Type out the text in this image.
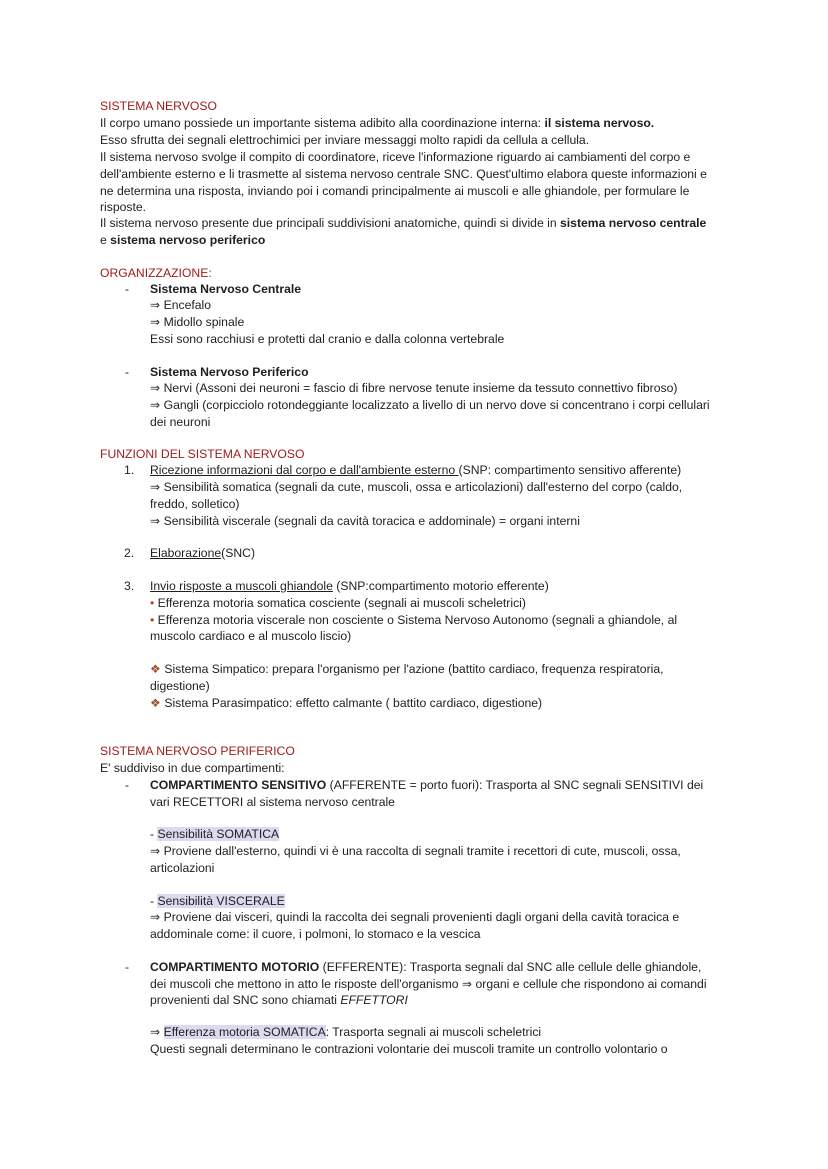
SISTEMA NERVOSO
Il corpo umano possiede un importante sistema adibito alla coordinazione interna: il sistema nervoso.
Esso sfrutta dei segnali elettrochimici per inviare messaggi molto rapidi da cellula a cellula.
Il sistema nervoso svolge il compito di coordinatore, riceve l'informazione riguardo ai cambiamenti del corpo e
dell'ambiente esterno e li trasmette al sistema nervoso centrale SNC. Quest'ultimo elabora queste informazioni e
ne determina una risposta, inviando poi i comandi principalmente ai muscoli e alle ghiandole, per formulare le
risposte.
Il sistema nervoso presente due principali suddivisioni anatomiche, quindi si divide in sistema nervoso centrale
e sistema nervoso periferico
ORGANIZZAZIONE:
- Sistema Nervoso Centrale
⇒ Encefalo
⇒ Midollo spinale
Essi sono racchiusi e protetti dal cranio e dalla colonna vertebrale
- Sistema Nervoso Periferico
⇒ Nervi (Assoni dei neuroni = fascio di fibre nervose tenute insieme da tessuto connettivo fibroso)
⇒ Gangli (corpicciolo rotondeggiante localizzato a livello di un nervo dove si concentrano i corpi cellulari
dei neuroni
FUNZIONI DEL SISTEMA NERVOSO
1. Ricezione informazioni dal corpo e dall'ambiente esterno (SNP: compartimento sensitivo afferente)
⇒ Sensibilità somatica (segnali da cute, muscoli, ossa e articolazioni) dall'esterno del corpo (caldo,
freddo, solletico)
⇒ Sensibilità viscerale (segnali da cavità toracica e addominale) = organi interni
2. Elaborazione(SNC)
3. Invio risposte a muscoli ghiandole (SNP:compartimento motorio efferente)
• Efferenza motoria somatica cosciente (segnali ai muscoli scheletrici)
• Efferenza motoria viscerale non cosciente o Sistema Nervoso Autonomo (segnali a ghiandole, al
muscolo cardiaco e al muscolo liscio)
❖ Sistema Simpatico: prepara l'organismo per l'azione (battito cardiaco, frequenza respiratoria,
digestione)
❖ Sistema Parasimpatico: effetto calmante ( battito cardiaco, digestione)
SISTEMA NERVOSO PERIFERICO
E' suddiviso in due compartimenti:
- COMPARTIMENTO SENSITIVO (AFFERENTE = porto fuori): Trasporta al SNC segnali SENSITIVI dei
vari RECETTORI al sistema nervoso centrale
- Sensibilità SOMATICA
⇒ Proviene dall'esterno, quindi vi è una raccolta di segnali tramite i recettori di cute, muscoli, ossa,
articolazioni
- Sensibilità VISCERALE
⇒ Proviene dai visceri, quindi la raccolta dei segnali provenienti dagli organi della cavità toracica e
addominale come: il cuore, i polmoni, lo stomaco e la vescica
- COMPARTIMENTO MOTORIO (EFFERENTE): Trasporta segnali dal SNC alle cellule delle ghiandole,
dei muscoli che mettono in atto le risposte dell'organismo ⇒ organi e cellule che rispondono ai comandi
provenienti dal SNC sono chiamati EFFETTORI
⇒ Efferenza motoria SOMATICA: Trasporta segnali ai muscoli scheletrici
Questi segnali determinano le contrazioni volontarie dei muscoli tramite un controllo volontario o
